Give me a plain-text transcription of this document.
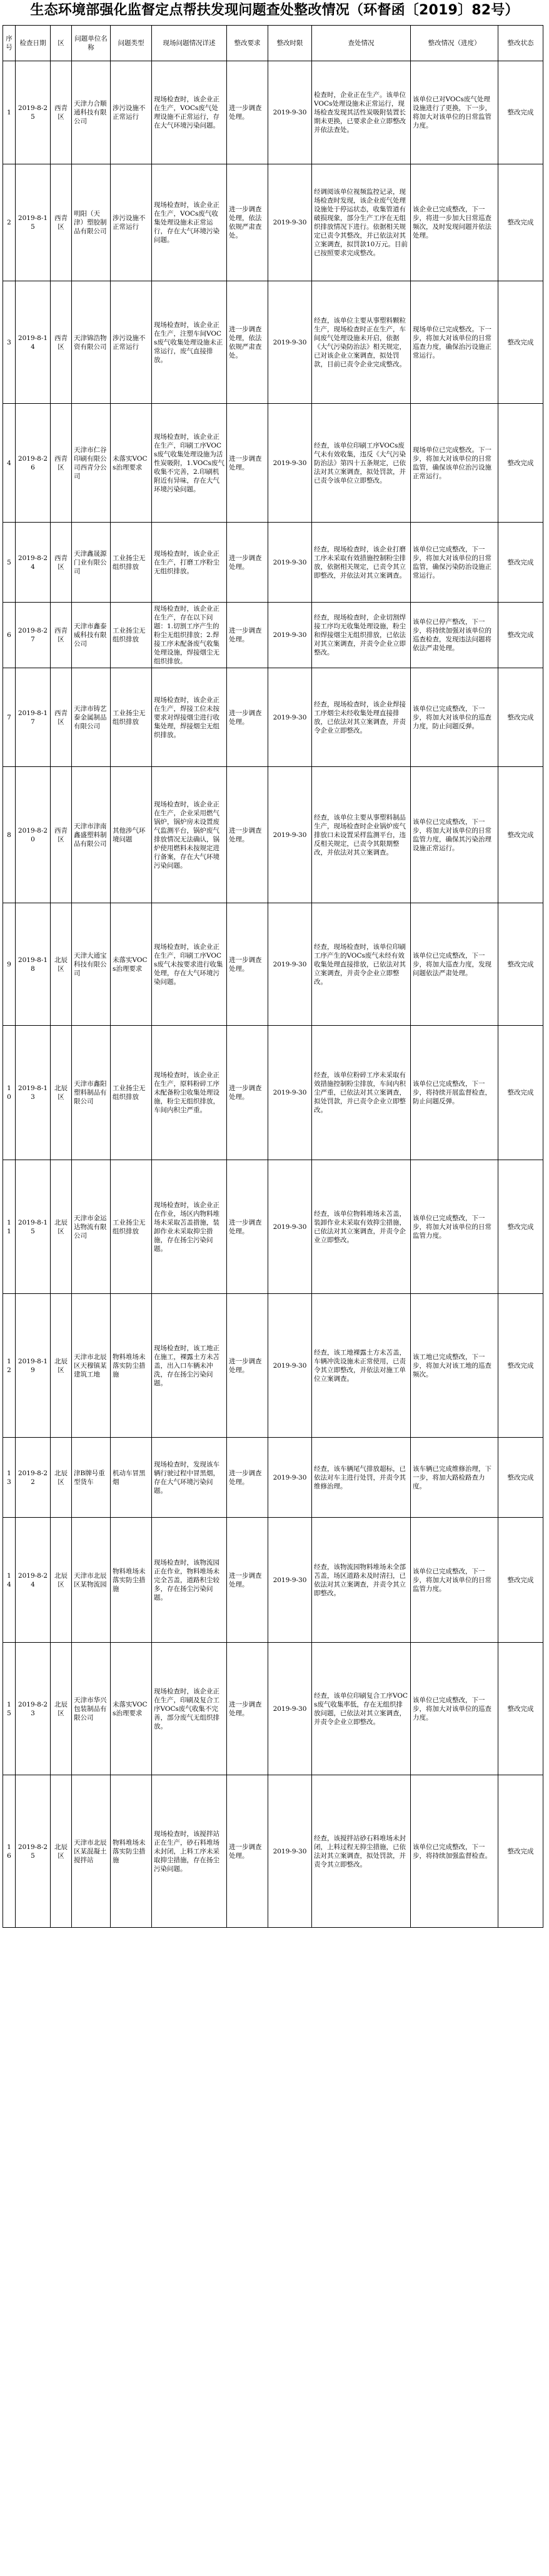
生态环境部强化监督定点帮扶发现问题查处整改情况（环督函〔2019〕82号）
序号	检查日期	区	问题单位名称	问题类型	现场问题情况详述	整改要求	整改时限	查处情况	整改情况（进度）	整改状态
1	2019-8-25	西青区	天津力合顺通科技有限公司	涉污设施不正常运行	现场检查时，该企业正在生产，VOCs废气处理设施不正常运行，存在大气环境污染问题。	进一步调查处理。	2019-9-30	检查时，企业正在生产。该单位VOCs处理设施未正常运行，现场检查发现其活性炭吸附装置长期未更换，已要求企业立即整改并依法查处。	该单位已对VOCs废气处理设施进行了更换，下一步，将加大对该单位的日常监管力度。	整改完成
2	2019-8-15	西青区	明阳（天津）塑胶制品有限公司	涉污设施不正常运行	现场检查时，该企业正在生产，VOCs废气收集处理设施未正常运行，存在大气环境污染问题。	进一步调查处理，依法依规严肃查处。	2019-9-30	经调阅该单位视频监控记录，现场检查时发现，该企业废气处理设施处于停运状态，收集管道有破损现象，部分生产工序在无组织排放情况下进行。依据相关规定已责令其整改，并已依法对其立案调查，拟罚款10万元。目前已按照要求完成整改。	该企业已完成整改，下一步，将进一步加大日常巡查频次，及时发现问题并依法处理。	整改完成
3	2019-8-14	西青区	天津锦浩物资有限公司	涉污设施不正常运行	现场检查时，该企业正在生产，注塑车间VOCs废气收集处理设施未正常运行，废气直接排放。	进一步调查处理，依法依规严肃查处。	2019-9-30	经查，该单位主要从事塑料颗粒生产，现场检查时正在生产，车间废气处理设施未开启，依据《大气污染防治法》相关规定，已对该企业立案调查，拟处罚款，目前已责令企业完成整改。	现场单位已完成整改。下一步，将加大对该单位的日常巡查力度，确保治污设施正常运行。	整改完成
4	2019-8-26	西青区	天津市仁谷印刷有限公司西青分公司	未落实VOCs治理要求	现场检查时，该企业正在生产，印刷工序VOCs废气收集处理设施为活性炭吸附，1.VOCs废气收集不完善，2.印刷机附近有异味，存在大气环境污染问题。	进一步调查处理。	2019-9-30	经查，该单位印刷工序VOCs废气未有效收集，违反《大气污染防治法》第四十五条规定，已依法对其立案调查，拟处罚款，并已责令该单位立即整改。	现场单位已完成整改。下一步，将加大对该单位的日常监管，确保该单位治污设施正常运行。	整改完成
5	2019-8-24	西青区	天津鑫晟源门业有限公司	工业扬尘无组织排放	现场检查时，该企业正在生产，打磨工序粉尘无组织排放。	进一步调查处理。	2019-9-30	经查，现场检查时，该企业打磨工序未采取有效措施控制粉尘排放，依据相关规定，已责令其立即整改，并依法对其立案调查。	该单位已完成整改，下一步，将加大对该单位的日常监管，确保污染防治设施正常运行。	整改完成
6	2019-8-27	西青区	天津市鑫泰威科技有限公司	工业扬尘无组织排放	现场检查时，该企业正在生产，存在以下问题：1.切割工序产生的粉尘无组织排放；2.焊接工序未配备废气收集处理设施，焊接烟尘无组织排放。	进一步调查处理。	2019-9-30	经查，现场检查时，企业切割焊接工序均无收集处理设施，粉尘和焊接烟尘无组织排放，已依法对其立案调查，并责令企业立即整改。	该单位已停产整改，下一步，将持续加强对该单位的巡查检查，发现违法问题将依法严肃处理。	整改完成
7	2019-8-17	西青区	天津市铸艺泰金属制品有限公司	工业扬尘无组织排放	现场检查时，该企业正在生产，焊接工位未按要求对焊接烟尘进行收集处理，焊接烟尘无组织排放。	进一步调查处理。	2019-9-30	经查，现场检查时，该企业焊接工序烟尘未经收集处理直接排放，已依法对其立案调查，并责令企业立即整改。	该单位已完成整改，下一步，将加大对该单位的巡查力度，防止问题反弹。	整改完成
8	2019-8-20	西青区	天津市津南鑫盛塑料制品有限公司	其他涉气环境问题	现场检查时，该企业正在生产，企业采用燃气锅炉，锅炉房未设置废气监测平台，锅炉废气排放情况无法确认，锅炉使用燃料未按规定进行备案，存在大气环境污染问题。	进一步调查处理。	2019-9-30	经查，该单位主要从事塑料制品生产，现场检查时企业锅炉废气排放口未设置采样监测平台，违反相关规定，已责令其限期整改，并依法对其立案调查。	该单位已完成整改，下一步，将加大对该单位的日常监管力度，确保其污染治理设施正常运行。	整改完成
9	2019-8-18	北辰区	天津大通宝科技有限公司	未落实VOCs治理要求	现场检查时，该企业正在生产，印刷工序VOCs废气未按要求进行收集处理，存在大气环境污染问题。	进一步调查处理。	2019-9-30	经查，现场检查时，该单位印刷工序产生的VOCs废气未经有效收集处理直接排放，已依法对其立案调查，并责令企业立即整改。	该单位已完成整改，下一步，将加大巡查力度，发现问题依法严肃处理。	整改完成
10	2019-8-13	北辰区	天津市鑫阳塑料制品有限公司	工业扬尘无组织排放	现场检查时，该企业正在生产，原料粉碎工序未配备粉尘收集处理设施，粉尘无组织排放，车间内积尘严重。	进一步调查处理。	2019-9-30	经查，该单位粉碎工序未采取有效措施控制粉尘排放，车间内积尘严重，已依法对其立案调查，拟处罚款，并已责令企业立即整改。	该单位已完成整改，下一步，将持续开展监督检查，防止问题反弹。	整改完成
11	2019-8-15	北辰区	天津市金运达物流有限公司	工业扬尘无组织排放	现场检查时，该企业正在作业，场区内物料堆场未采取苫盖措施，装卸作业未采取抑尘措施，存在扬尘污染问题。	进一步调查处理。	2019-9-30	经查，该单位物料堆场未苫盖，装卸作业未采取有效抑尘措施，已依法对其立案调查，并责令企业立即整改。	该单位已完成整改，下一步，将加大对该单位的日常监管力度。	整改完成
12	2019-8-19	北辰区	天津市北辰区天穆镇某建筑工地	物料堆场未落实防尘措施	现场检查时，该工地正在施工，裸露土方未苫盖，出入口车辆未冲洗，存在扬尘污染问题。	进一步调查处理。	2019-9-30	经查，该工地裸露土方未苫盖，车辆冲洗设施未正常使用，已责令其立即整改，并依法对施工单位立案调查。	该工地已完成整改，下一步，将加大对该工地的巡查频次。	整改完成
13	2019-8-22	北辰区	津B牌号重型货车	机动车冒黑烟	现场检查时，发现该车辆行驶过程中冒黑烟，存在大气环境污染问题。	进一步调查处理。	2019-9-30	经查，该车辆尾气排放超标，已依法对车主进行处罚，并责令其维修治理。	该车辆已完成维修治理，下一步，将加大路检路查力度。	整改完成
14	2019-8-24	北辰区	天津市北辰区某物流园	物料堆场未落实防尘措施	现场检查时，该物流园正在作业，物料堆场未完全苫盖，道路积尘较多，存在扬尘污染问题。	进一步调查处理。	2019-9-30	经查，该物流园物料堆场未全部苫盖，场区道路未及时清扫，已依法对其立案调查，并责令其立即整改。	该单位已完成整改，下一步，将加大对该单位的日常监管力度。	整改完成
15	2019-8-23	北辰区	天津市华兴包装制品有限公司	未落实VOCs治理要求	现场检查时，该企业正在生产，印刷及复合工序VOCs废气收集不完善，部分废气无组织排放。	进一步调查处理。	2019-9-30	经查，该单位印刷复合工序VOCs废气收集率低，存在无组织排放问题，已依法对其立案调查，并责令企业立即整改。	该单位已完成整改，下一步，将加大对该单位的巡查力度。	整改完成
16	2019-8-25	北辰区	天津市北辰区某混凝土搅拌站	物料堆场未落实防尘措施	现场检查时，该搅拌站正在生产，砂石料堆场未封闭，上料工序未采取抑尘措施，存在扬尘污染问题。	进一步调查处理。	2019-9-30	经查，该搅拌站砂石料堆场未封闭，上料过程无抑尘措施，已依法对其立案调查，拟处罚款，并责令其立即整改。	该单位已完成整改，下一步，将持续加强监督检查。	整改完成
